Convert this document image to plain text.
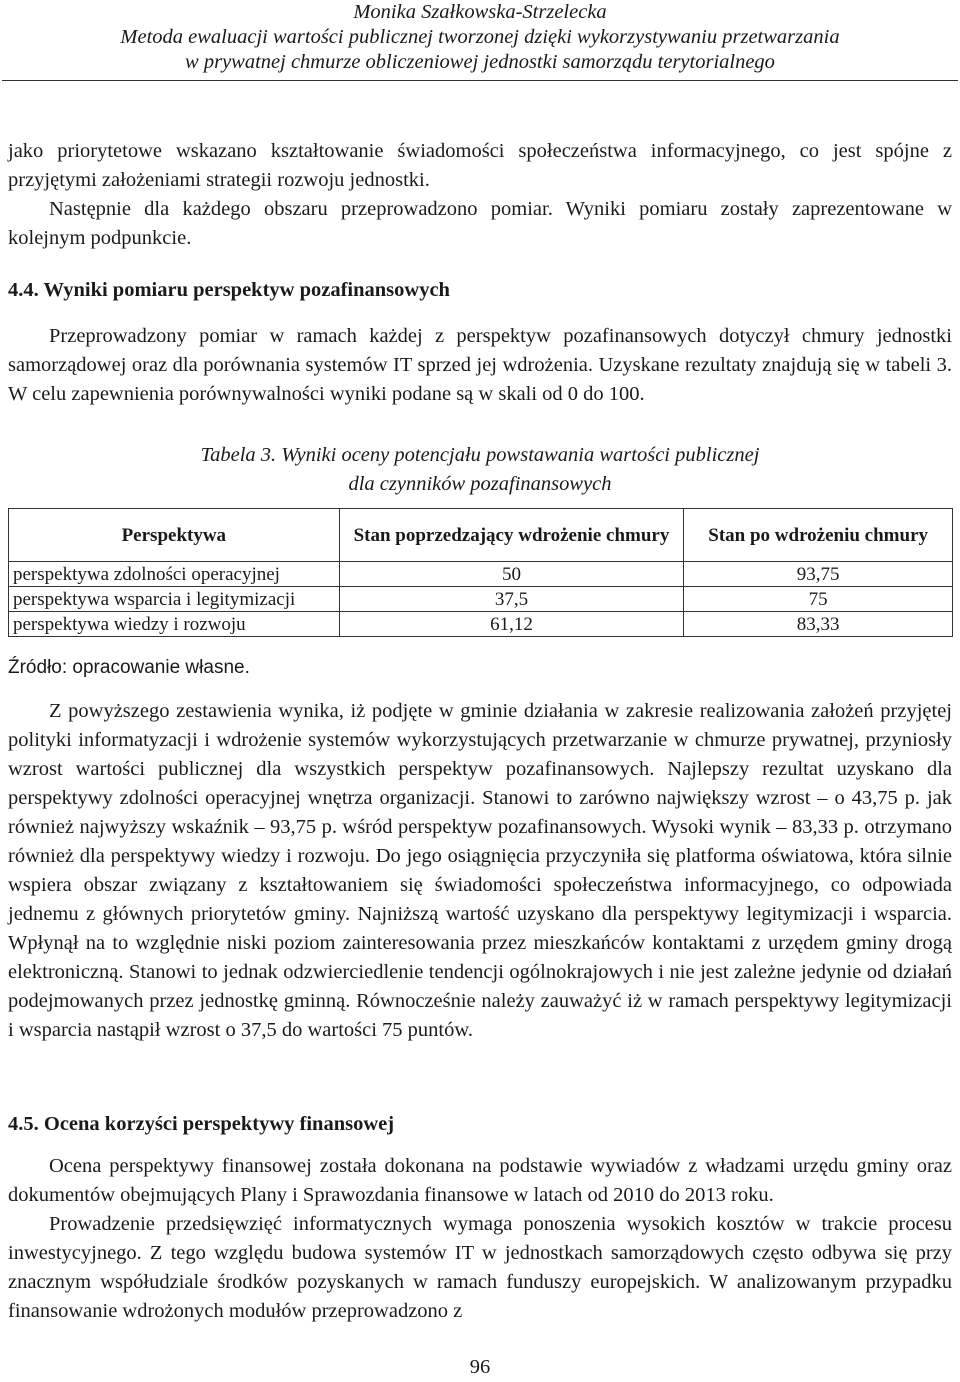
Monika Szałkowska-Strzelecka
Metoda ewaluacji wartości publicznej tworzonej dzięki wykorzystywaniu przetwarzania
w prywatnej chmurze obliczeniowej jednostki samorządu terytorialnego

jako priorytetowe wskazano kształtowanie świadomości społeczeństwa informacyjnego, co jest spójne z przyjętymi założeniami strategii rozwoju jednostki.

Następnie dla każdego obszaru przeprowadzono pomiar. Wyniki pomiaru zostały zaprezentowane w kolejnym podpunkcie.

4.4. Wyniki pomiaru perspektyw pozafinansowych

Przeprowadzony pomiar w ramach każdej z perspektyw pozafinansowych dotyczył chmury jednostki samorządowej oraz dla porównania systemów IT sprzed jej wdrożenia. Uzyskane rezultaty znajdują się w tabeli 3. W celu zapewnienia porównywalności wyniki podane są w skali od 0 do 100.

Tabela 3. Wyniki oceny potencjału powstawania wartości publicznej
dla czynników pozafinansowych
Perspektywa	Stan poprzedzający wdrożenie chmury	Stan po wdrożeniu chmury
perspektywa zdolności operacyjnej	50	93,75
perspektywa wsparcia i legitymizacji	37,5	75
perspektywa wiedzy i rozwoju	61,12	83,33
Źródło: opracowanie własne.

Z powyższego zestawienia wynika, iż podjęte w gminie działania w zakresie realizowania założeń przyjętej polityki informatyzacji i wdrożenie systemów wykorzystujących przetwarzanie w chmurze prywatnej, przyniosły wzrost wartości publicznej dla wszystkich perspektyw pozafinansowych. Najlepszy rezultat uzyskano dla perspektywy zdolności operacyjnej wnętrza organizacji. Stanowi to zarówno największy wzrost – o 43,75 p. jak również najwyższy wskaźnik – 93,75 p. wśród perspektyw pozafinansowych. Wysoki wynik – 83,33 p. otrzymano również dla perspektywy wiedzy i rozwoju. Do jego osiągnięcia przyczyniła się platforma oświatowa, która silnie wspiera obszar związany z kształtowaniem się świadomości społeczeństwa informacyjnego, co odpowiada jednemu z głównych priorytetów gminy. Najniższą wartość uzyskano dla perspektywy legitymizacji i wsparcia. Wpłynął na to względnie niski poziom zainteresowania przez mieszkańców kontaktami z urzędem gminy drogą elektroniczną. Stanowi to jednak odzwierciedlenie tendencji ogólnokrajowych i nie jest zależne jedynie od działań podejmowanych przez jednostkę gminną. Równocześnie należy zauważyć iż w ramach perspektywy legitymizacji i wsparcia nastąpił wzrost o 37,5 do wartości 75 puntów.

4.5. Ocena korzyści perspektywy finansowej

Ocena perspektywy finansowej została dokonana na podstawie wywiadów z władzami urzędu gminy oraz dokumentów obejmujących Plany i Sprawozdania finansowe w latach od 2010 do 2013 roku.

Prowadzenie przedsięwzięć informatycznych wymaga ponoszenia wysokich kosztów w trakcie procesu inwestycyjnego. Z tego względu budowa systemów IT w jednostkach samorządowych często odbywa się przy znacznym współudziale środków pozyskanych w ramach funduszy europejskich. W analizowanym przypadku finansowanie wdrożonych modułów przeprowadzono z

96
